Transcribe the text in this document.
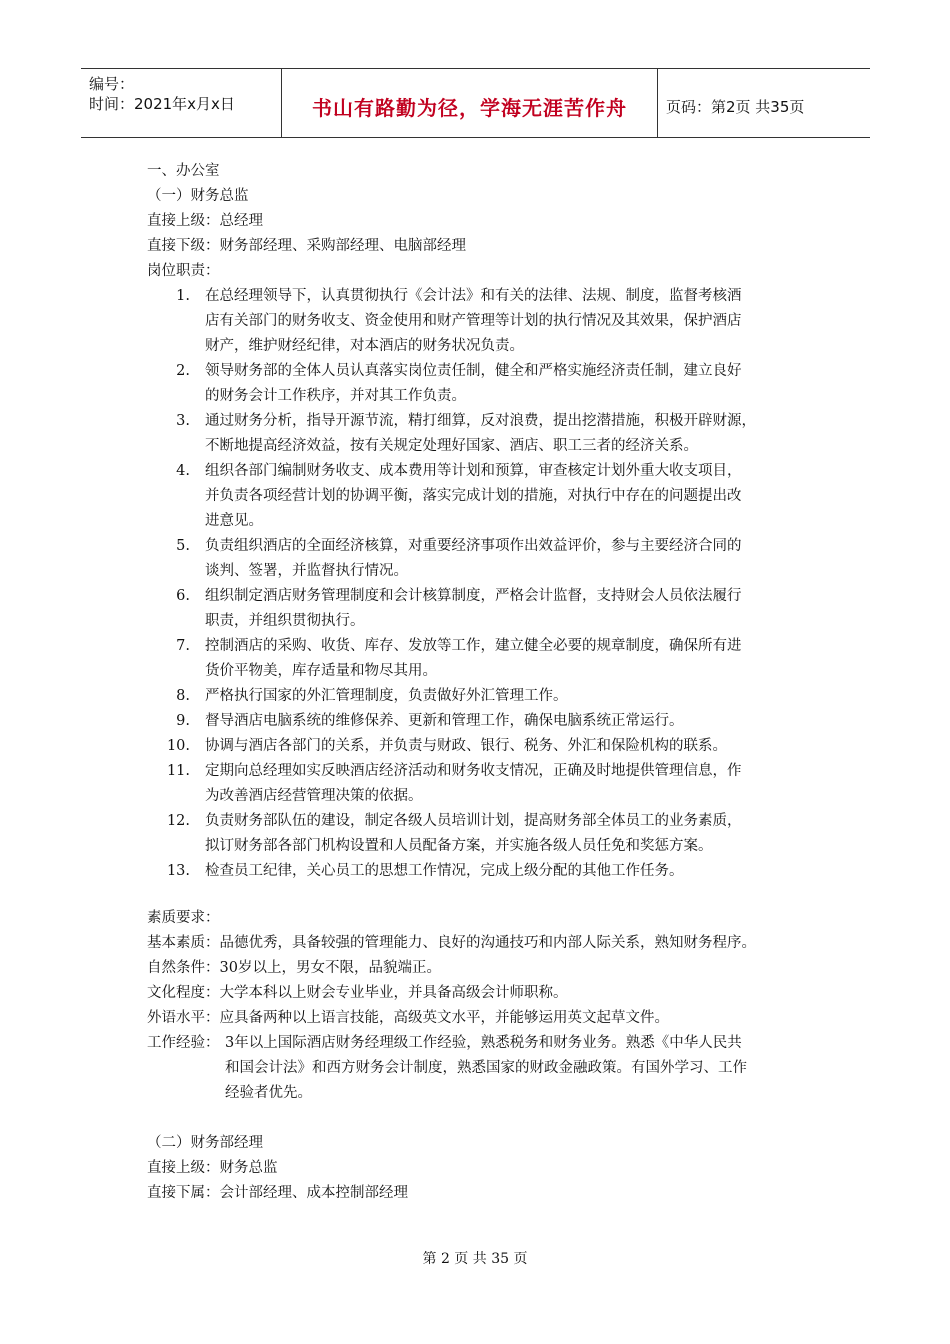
编号：
时间：2021年x月x日	书山有路勤为径，学海无涯苦作舟	页码：第2页 共35页
一、办公室
（一）财务总监
直接上级：总经理
直接下级：财务部经理、采购部经理、电脑部经理
岗位职责：
1. 在总经理领导下，认真贯彻执行《会计法》和有关的法律、法规、制度，监督考核酒
店有关部门的财务收支、资金使用和财产管理等计划的执行情况及其效果，保护酒店
财产，维护财经纪律，对本酒店的财务状况负责。
2. 领导财务部的全体人员认真落实岗位责任制，健全和严格实施经济责任制，建立良好
的财务会计工作秩序，并对其工作负责。
3. 通过财务分析，指导开源节流，精打细算，反对浪费，提出挖潜措施，积极开辟财源，
不断地提高经济效益，按有关规定处理好国家、酒店、职工三者的经济关系。
4. 组织各部门编制财务收支、成本费用等计划和预算，审查核定计划外重大收支项目，
并负责各项经营计划的协调平衡，落实完成计划的措施，对执行中存在的问题提出改
进意见。
5. 负责组织酒店的全面经济核算，对重要经济事项作出效益评价，参与主要经济合同的
谈判、签署，并监督执行情况。
6. 组织制定酒店财务管理制度和会计核算制度，严格会计监督，支持财会人员依法履行
职责，并组织贯彻执行。
7. 控制酒店的采购、收货、库存、发放等工作，建立健全必要的规章制度，确保所有进
货价平物美，库存适量和物尽其用。
8. 严格执行国家的外汇管理制度，负责做好外汇管理工作。
9. 督导酒店电脑系统的维修保养、更新和管理工作，确保电脑系统正常运行。
10. 协调与酒店各部门的关系，并负责与财政、银行、税务、外汇和保险机构的联系。
11. 定期向总经理如实反映酒店经济活动和财务收支情况，正确及时地提供管理信息，作
为改善酒店经营管理决策的依据。
12. 负责财务部队伍的建设，制定各级人员培训计划，提高财务部全体员工的业务素质，
拟订财务部各部门机构设置和人员配备方案，并实施各级人员任免和奖惩方案。
13. 检查员工纪律，关心员工的思想工作情况，完成上级分配的其他工作任务。
素质要求：
基本素质：品德优秀，具备较强的管理能力、良好的沟通技巧和内部人际关系，熟知财务程序。
自然条件：30岁以上，男女不限，品貌端正。
文化程度：大学本科以上财会专业毕业，并具备高级会计师职称。
外语水平：应具备两种以上语言技能，高级英文水平，并能够运用英文起草文件。
工作经验： 3年以上国际酒店财务经理级工作经验，熟悉税务和财务业务。熟悉《中华人民共
和国会计法》和西方财务会计制度，熟悉国家的财政金融政策。有国外学习、工作
经验者优先。
（二）财务部经理
直接上级：财务总监
直接下属：会计部经理、成本控制部经理
第 2 页 共 35 页
